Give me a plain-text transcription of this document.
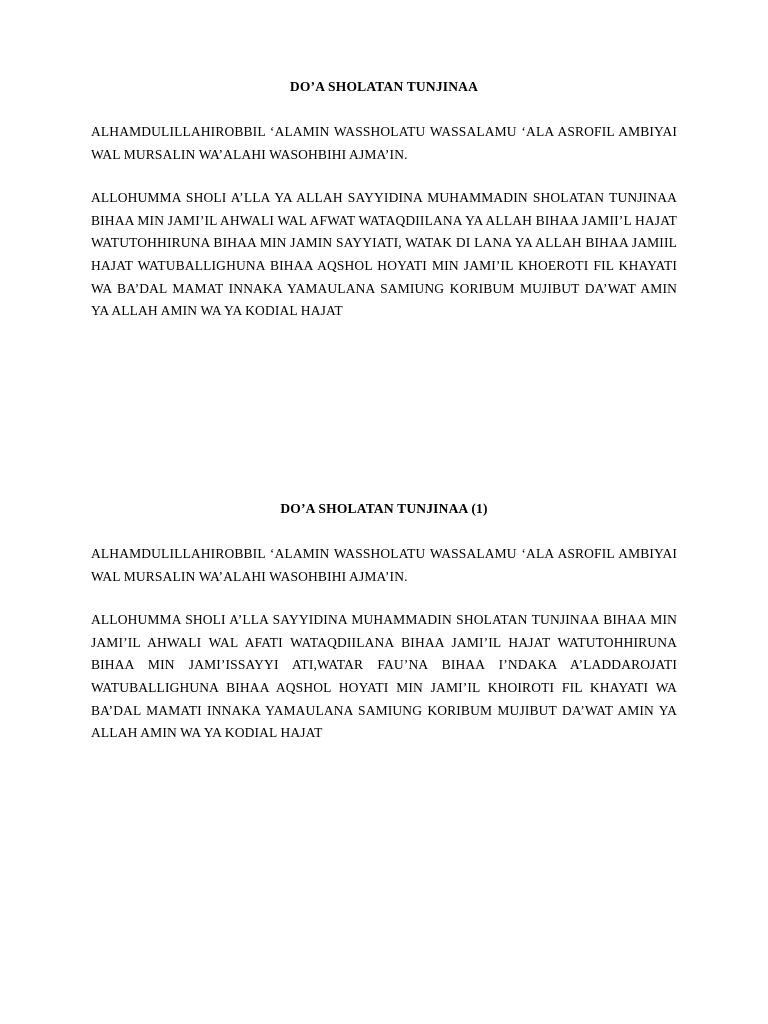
DO’A SHOLATAN TUNJINAA

ALHAMDULILLAHIROBBIL ‘ALAMIN WASSHOLATU WASSALAMU ‘ALA ASROFIL AMBIYAI WAL MURSALIN WA’ALAHI WASOHBIHI AJMA’IN.

ALLOHUMMA SHOLI A’LLA YA ALLAH SAYYIDINA MUHAMMADIN SHOLATAN TUNJINAA BIHAA MIN JAMI’IL AHWALI WAL AFWAT WATAQDIILANA YA ALLAH BIHAA JAMII’L HAJAT WATUTOHHIRUNA BIHAA MIN JAMIN SAYYIATI, WATAK DI LANA YA ALLAH BIHAA JAMIIL HAJAT WATUBALLIGHUNA BIHAA AQSHOL HOYATI MIN JAMI’IL KHOEROTI FIL KHAYATI WA BA’DAL MAMAT INNAKA YAMAULANA SAMIUNG KORIBUM MUJIBUT DA’WAT AMIN YA ALLAH AMIN WA YA KODIAL HAJAT

DO’A SHOLATAN TUNJINAA (1)

ALHAMDULILLAHIROBBIL ‘ALAMIN WASSHOLATU WASSALAMU ‘ALA ASROFIL AMBIYAI WAL MURSALIN WA’ALAHI WASOHBIHI AJMA’IN.

ALLOHUMMA SHOLI A’LLA SAYYIDINA MUHAMMADIN SHOLATAN TUNJINAA BIHAA MIN JAMI’IL AHWALI WAL AFATI WATAQDIILANA BIHAA JAMI’IL HAJAT WATUTOHHIRUNA BIHAA MIN JAMI’ISSAYYI ATI,WATAR FAU’NA BIHAA I’NDAKA A’LADDAROJATI WATUBALLIGHUNA BIHAA AQSHOL HOYATI MIN JAMI’IL KHOIROTI FIL KHAYATI WA BA’DAL MAMATI INNAKA YAMAULANA SAMIUNG KORIBUM MUJIBUT DA’WAT AMIN YA ALLAH AMIN WA YA KODIAL HAJAT
